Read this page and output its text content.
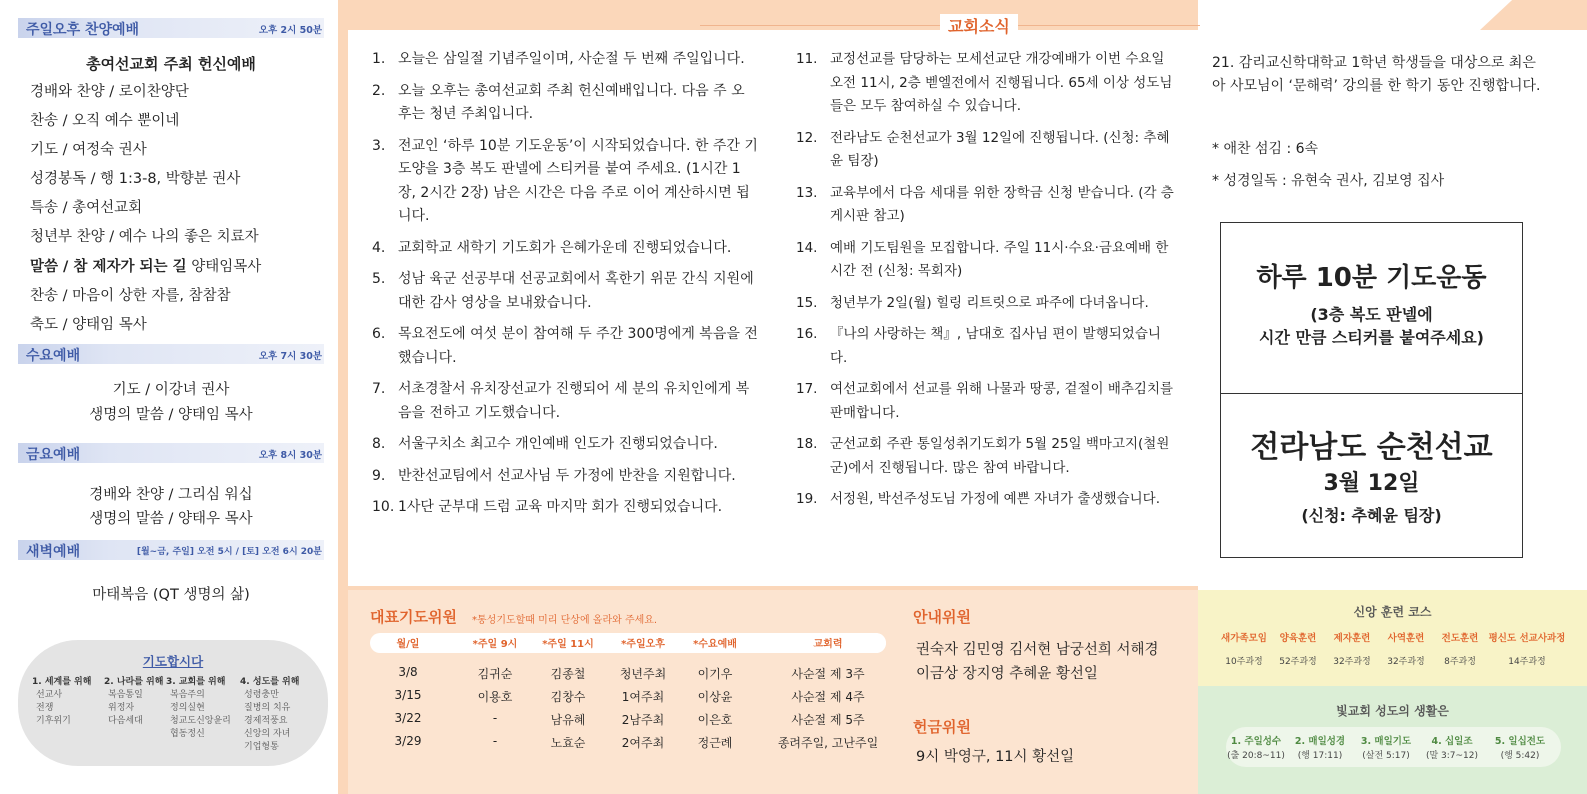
주일오후 찬양예배	오후 2시 50분
총여선교회 주최 헌신예배
경배와 찬양 / 로이찬양단
찬송 / 오직 예수 뿐이네
기도 / 여정숙 권사
성경봉독 / 행 1:3-8, 박향분 권사
특송 / 총여선교회
청년부 찬양 / 예수 나의 좋은 치료자
말씀 / 참 제자가 되는 길 양태임목사
찬송 / 마음이 상한 자를, 참참참
축도 / 양태임 목사
수요예배	오후 7시 30분
기도 / 이강녀 권사
생명의 말씀 / 양태임 목사
금요예배	오후 8시 30분
경배와 찬양 / 그리심 워십
생명의 말씀 / 양태우 목사
새벽예배	[월~금, 주일] 오전 5시 / [토] 오전 6시 20분
마태복음 (QT 생명의 삶)
기도합시다
1. 세계를 위해
선교사
전쟁
기후위기
2. 나라를 위해
복음통일
위정자
다음세대
3. 교회를 위해
복음주의
정의실현
청교도신앙윤리
협동정신
4. 성도를 위해
성령충만
질병의 치유
경제적풍요
신앙의 자녀
기업형통
교회소식
1. 오늘은 삼일절 기념주일이며, 사순절 두 번째 주일입니다.
2. 오늘 오후는 총여선교회 주최 헌신예배입니다. 다음 주 오후는 청년 주최입니다.
3. 전교인 ‘하루 10분 기도운동’이 시작되었습니다. 한 주간 기도양을 3층 복도 판넬에 스티커를 붙여 주세요. (1시간 1장, 2시간 2장) 남은 시간은 다음 주로 이어 계산하시면 됩니다.
4. 교회학교 새학기 기도회가 은혜가운데 진행되었습니다.
5. 성남 육군 선공부대 선공교회에서 혹한기 위문 간식 지원에 대한 감사 영상을 보내왔습니다.
6. 목요전도에 여섯 분이 참여해 두 주간 300명에게 복음을 전했습니다.
7. 서초경찰서 유치장선교가 진행되어 세 분의 유치인에게 복음을 전하고 기도했습니다.
8. 서울구치소 최고수 개인예배 인도가 진행되었습니다.
9. 반찬선교팀에서 선교사님 두 가정에 반찬을 지원합니다.
10. 1사단 군부대 드럼 교육 마지막 회가 진행되었습니다.
11. 교정선교를 담당하는 모세선교단 개강예배가 이번 수요일 오전 11시, 2층 벧엘전에서 진행됩니다. 65세 이상 성도님들은 모두 참여하실 수 있습니다.
12. 전라남도 순천선교가 3월 12일에 진행됩니다. (신청: 추혜윤 팀장)
13. 교육부에서 다음 세대를 위한 장학금 신청 받습니다. (각 층 게시판 참고)
14. 예배 기도팀원을 모집합니다. 주일 11시·수요·금요예배 한 시간 전 (신청: 목회자)
15. 청년부가 2일(월) 힐링 리트릿으로 파주에 다녀옵니다.
16. 『나의 사랑하는 책』, 남대호 집사님 편이 발행되었습니다.
17. 여선교회에서 선교를 위해 나물과 땅콩, 겉절이 배추김치를 판매합니다.
18. 군선교회 주관 통일성취기도회가 5월 25일 백마고지(철원군)에서 진행됩니다. 많은 참여 바랍니다.
19. 서정원, 박선주성도님 가정에 예쁜 자녀가 출생했습니다.
21. 감리교신학대학교 1학년 학생들을 대상으로 최은아 사모님이 ‘문해력’ 강의를 한 학기 동안 진행합니다.
* 애찬 섬김 : 6속
* 성경일독 : 유현숙 권사, 김보영 집사
하루 10분 기도운동
(3층 복도 판넬에
시간 만큼 스티커를 붙여주세요)
전라남도 순천선교
3월 12일
(신청: 추혜윤 팀장)
대표기도위원 *통성기도할때 미리 단상에 올라와 주세요.
월/일	*주일 9시	*주일 11시	*주일오후	*수요예배	교회력
3/8	김귀순	김종철	청년주최	이기우	사순절 제 3주
3/15	이용호	김창수	1여주최	이상윤	사순절 제 4주
3/22	-	남유혜	2남주최	이은호	사순절 제 5주
3/29	-	노효순	2여주최	정근례	종려주일, 고난주일
안내위원
권숙자 김민영 김서현 남궁선희 서해경
이금상 장지영 추혜윤 황선일
헌금위원
9시 박영구, 11시 황선일
신앙 훈련 코스
새가족모임
10주과정
양육훈련
52주과정
제자훈련
32주과정
사역훈련
32주과정
전도훈련
8주과정
평신도 선교사과정
14주과정
빛교회 성도의 생활은
1. 주일성수
(출 20:8~11)
2. 매일성경
(행 17:11)
3. 매일기도
(살전 5:17)
4. 십일조
(말 3:7~12)
5. 일십전도
(행 5:42)
